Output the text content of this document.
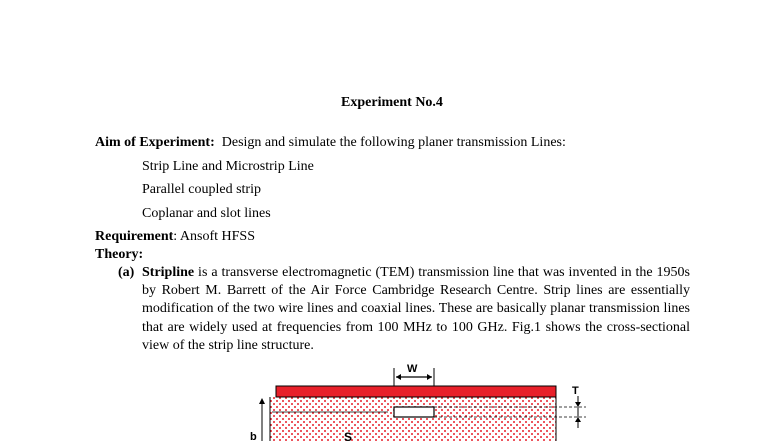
Experiment No.4
Aim of Experiment: Design and simulate the following planer transmission Lines:
Strip Line and Microstrip Line
Parallel coupled strip
Coplanar and slot lines
Requirement: Ansoft HFSS
Theory:
(a) Stripline is a transverse electromagnetic (TEM) transmission line that was invented in the 1950s by Robert M. Barrett of the Air Force Cambridge Research Centre. Strip lines are essentially modification of the two wire lines and coaxial lines. These are basically planar transmission lines that are widely used at frequencies from 100 MHz to 100 GHz. Fig.1 shows the cross-sectional view of the strip line structure.
W
T
b	S
